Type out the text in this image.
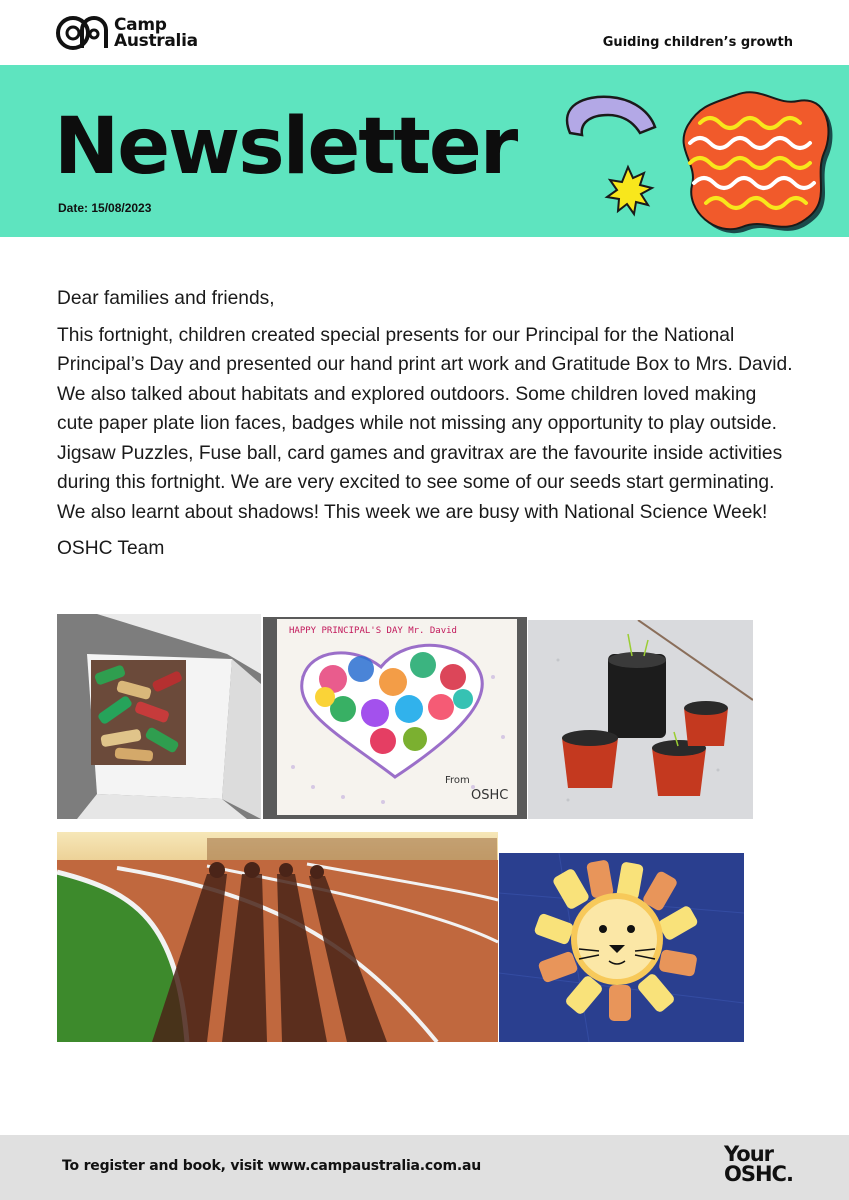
Camp
Australia	Guiding children’s growth
Newsletter
Date: 15/08/2023

Dear families and friends,

This fortnight, children created special presents for our Principal for the National Principal’s Day and presented our hand print art work and Gratitude Box to Mrs. David. We also talked about habitats and explored outdoors. Some children loved making cute paper plate lion faces, badges while not missing any opportunity to play outside. Jigsaw Puzzles, Fuse ball, card games and gravitrax are the favourite inside activities during this fortnight. We are very excited to see some of our seeds start germinating. We also learnt about shadows! This week we are busy with National Science Week!

OSHC Team

HAPPY PRINCIPAL'S DAY Mr. David
From
OSHC
To register and book, visit www.campaustralia.com.au	Your
OSHC.
